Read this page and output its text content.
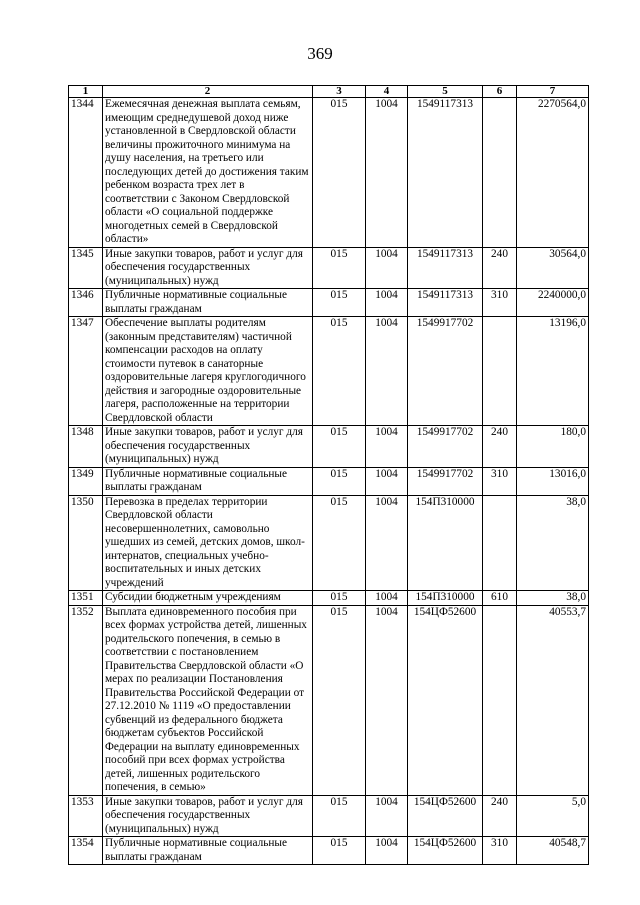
369
1	2	3	4	5	6	7
1344	Ежемесячная денежная выплата семьям, имеющим среднедушевой доход ниже установленной в Свердловской области величины прожиточного минимума на душу населения, на третьего или последующих детей до достижения таким ребенком возраста трех лет в соответствии с Законом Свердловской области «О социальной поддержке многодетных семей в Свердловской области»	015	1004	1549117313		2270564,0
1345	Иные закупки товаров, работ и услуг для обеспечения государственных (муниципальных) нужд	015	1004	1549117313	240	30564,0
1346	Публичные нормативные социальные выплаты гражданам	015	1004	1549117313	310	2240000,0
1347	Обеспечение выплаты родителям (законным представителям) частичной компенсации расходов на оплату стоимости путевок в санаторные оздоровительные лагеря круглогодичного действия и загородные оздоровительные лагеря, расположенные на территории Свердловской области	015	1004	1549917702		13196,0
1348	Иные закупки товаров, работ и услуг для обеспечения государственных (муниципальных) нужд	015	1004	1549917702	240	180,0
1349	Публичные нормативные социальные выплаты гражданам	015	1004	1549917702	310	13016,0
1350	Перевозка в пределах территории Свердловской области несовершеннолетних, самовольно ушедших из семей, детских домов, школ-интернатов, специальных учебно-воспитательных и иных детских учреждений	015	1004	154П310000		38,0
1351	Субсидии бюджетным учреждениям	015	1004	154П310000	610	38,0
1352	Выплата единовременного пособия при всех формах устройства детей, лишенных родительского попечения, в семью в соответствии с постановлением Правительства Свердловской области «О мерах по реализации Постановления Правительства Российской Федерации от 27.12.2010 № 1119 «О предоставлении субвенций из федерального бюджета бюджетам субъектов Российской Федерации на выплату единовременных пособий при всех формах устройства детей, лишенных родительского попечения, в семью»	015	1004	154ЦФ52600		40553,7
1353	Иные закупки товаров, работ и услуг для обеспечения государственных (муниципальных) нужд	015	1004	154ЦФ52600	240	5,0
1354	Публичные нормативные социальные выплаты гражданам	015	1004	154ЦФ52600	310	40548,7
